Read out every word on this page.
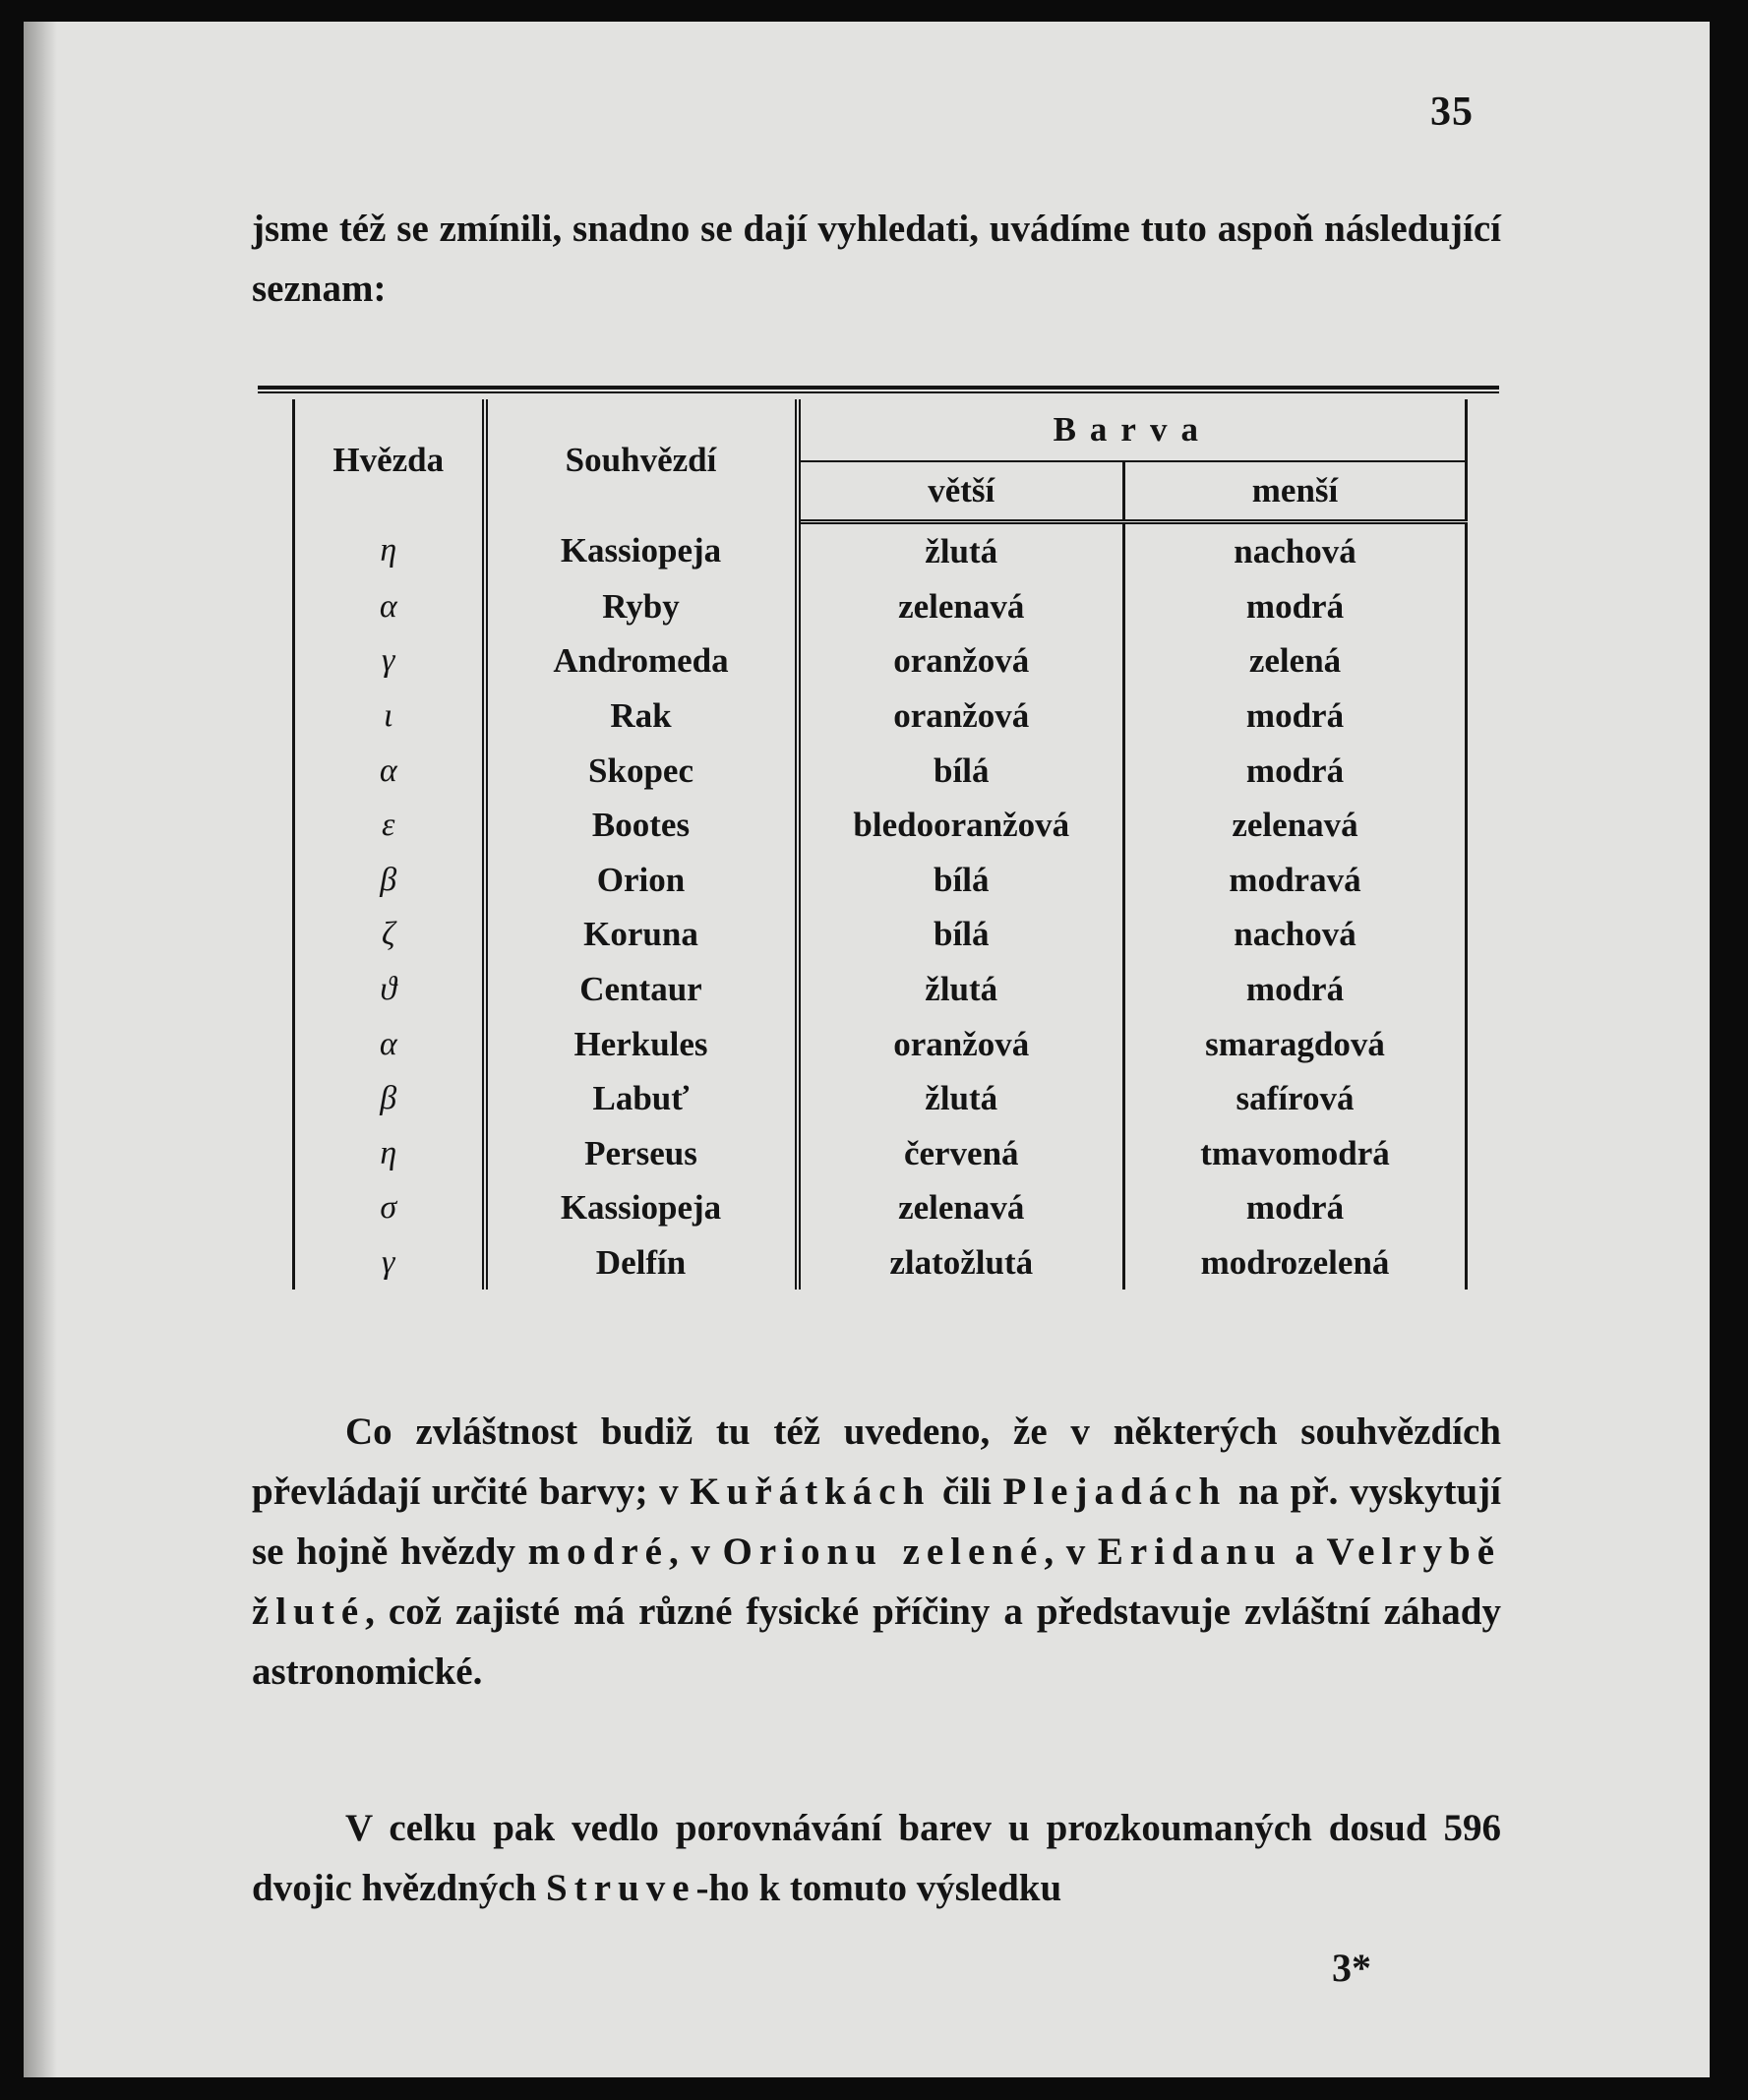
35

jsme též se zmínili, snadno se dají vyhledati, uvádíme tuto aspoň následující seznam:

Hvězda	Souhvězdí	Barva	
		větší	menší
η	Kassiopeja	žlutá	nachová
α	Ryby	zelenavá	modrá
γ	Andromeda	oranžová	zelená
ι	Rak	oranžová	modrá
α	Skopec	bílá	modrá
ε	Bootes	bledooranžová	zelenavá
β	Orion	bílá	modravá
ζ	Koruna	bílá	nachová
ϑ	Centaur	žlutá	modrá
α	Herkules	oranžová	smaragdová
β	Labuť	žlutá	safírová
η	Perseus	červená	tmavomodrá
σ	Kassiopeja	zelenavá	modrá
γ	Delfín	zlatožlutá	modrozelená

Co zvláštnost budiž tu též uvedeno, že v některých souhvězdích převládají určité barvy; v Kuřátkách čili Plejadách na př. vyskytují se hojně hvězdy modré, v Orionu zelené, v Eridanu a Velrybě žluté, což zajisté má různé fysické příčiny a představuje zvláštní záhady astronomické.

V celku pak vedlo porovnávání barev u prozkoumaných dosud 596 dvojic hvězdných Struve-ho k tomuto výsledku

3*
